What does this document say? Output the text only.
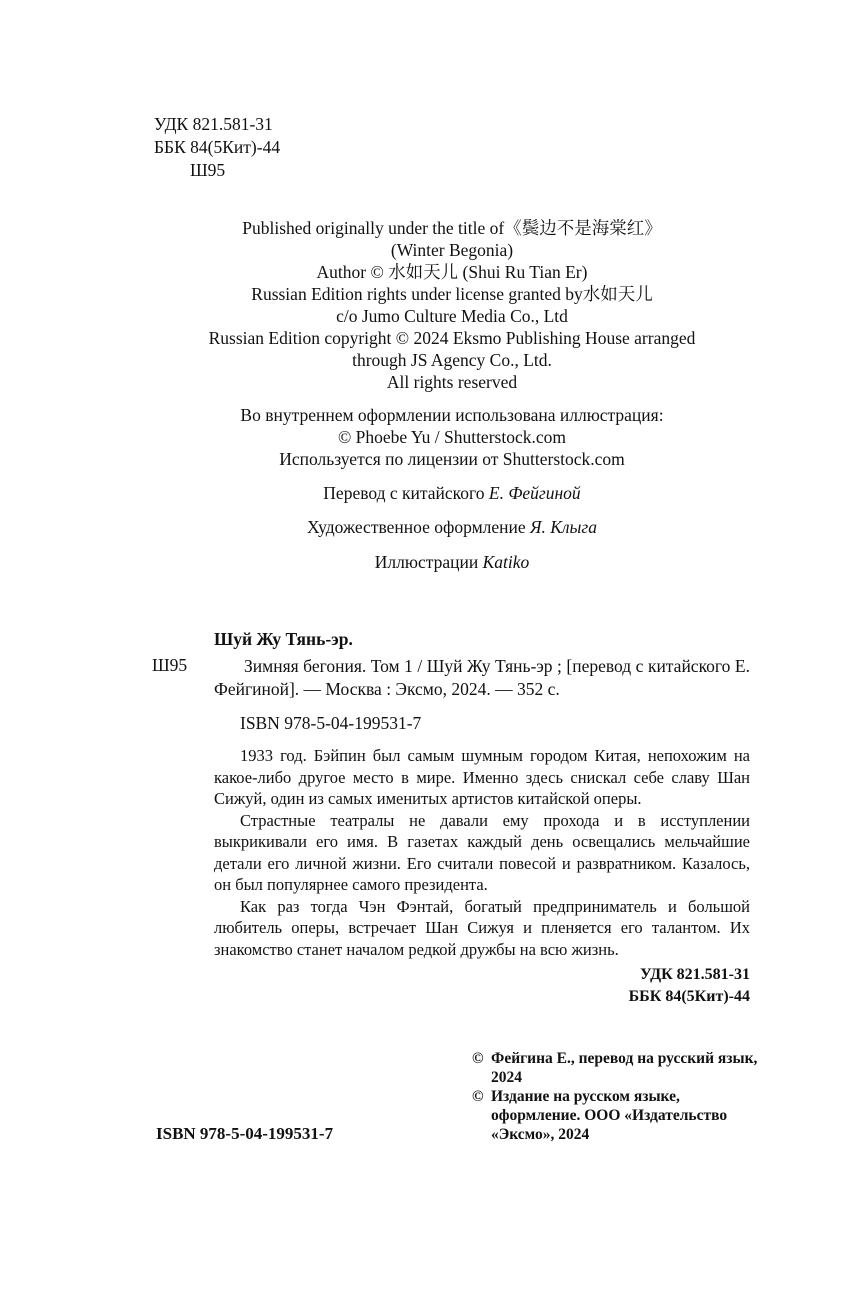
УДК 821.581-31
ББК 84(5Кит)-44
Ш95
Published originally under the title of《鬓边不是海棠红》
(Winter Begonia)
Author © 水如天儿 (Shui Ru Tian Er)
Russian Edition rights under license granted by水如天儿
c/o Jumo Culture Media Co., Ltd
Russian Edition copyright © 2024 Eksmo Publishing House arranged
through JS Agency Co., Ltd.
All rights reserved
Во внутреннем оформлении использована иллюстрация:
© Phoebe Yu / Shutterstock.com
Используется по лицензии от Shutterstock.com
Перевод с китайского Е. Фейгиной
Художественное оформление Я. Клыга
Иллюстрации Katiko
Шуй Жу Тянь-эр.
Ш95	Зимняя бегония. Том 1 / Шуй Жу Тянь-эр ; [перевод с китайского Е. Фейгиной]. — Москва : Эксмо, 2024. — 352 с.
ISBN 978-5-04-199531-7

1933 год. Бэйпин был самым шумным городом Китая, непохожим на какое-либо другое место в мире. Именно здесь снискал себе славу Шан Сижуй, один из самых именитых артистов китайской оперы.

Страстные театралы не давали ему прохода и в исступлении выкрикивали его имя. В газетах каждый день освещались мельчайшие детали его личной жизни. Его считали повесой и развратником. Казалось, он был популярнее самого президента.

Как раз тогда Чэн Фэнтай, богатый предприниматель и большой любитель оперы, встречает Шан Сижуя и пленяется его талантом. Их знакомство станет началом редкой дружбы на всю жизнь.

УДК 821.581-31
ББК 84(5Кит)-44
© Фейгина Е., перевод на русский язык, 2024
© Издание на русском языке, оформление. ООО «Издательство «Эксмо», 2024
ISBN 978-5-04-199531-7
